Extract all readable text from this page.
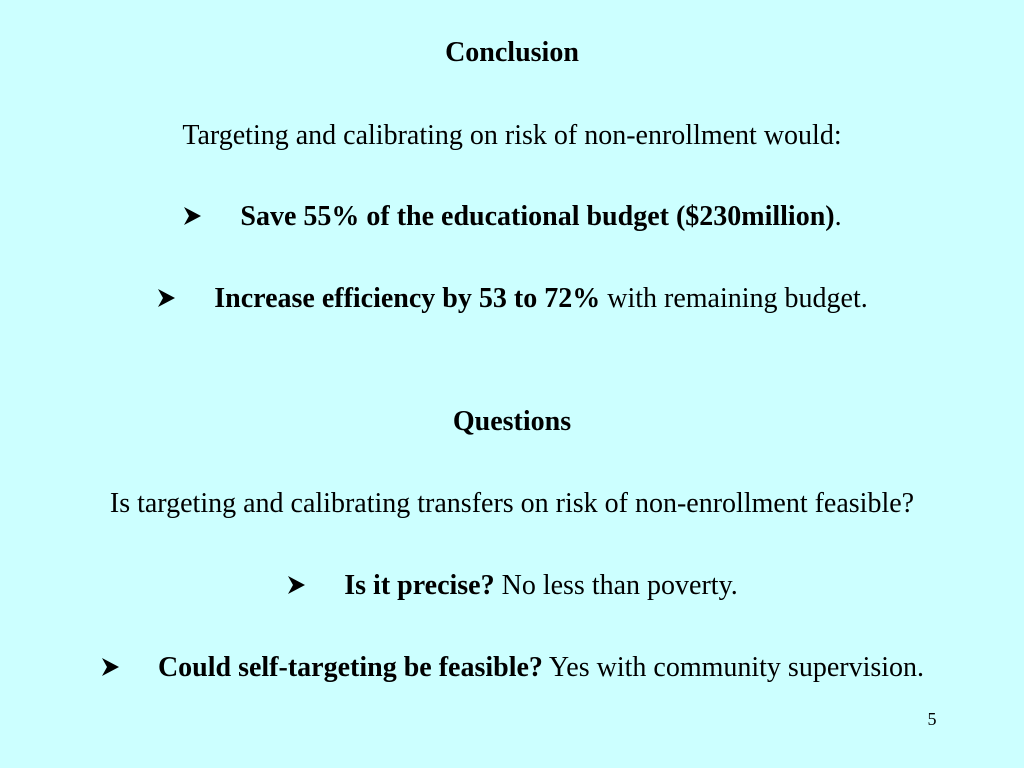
Conclusion
Targeting and calibrating on risk of non-enrollment would:
Save 55% of the educational budget ($230million).
Increase efficiency by 53 to 72% with remaining budget.
Questions
Is targeting and calibrating transfers on risk of non-enrollment feasible?
Is it precise? No less than poverty.
Could self-targeting be feasible? Yes with community supervision.
5
